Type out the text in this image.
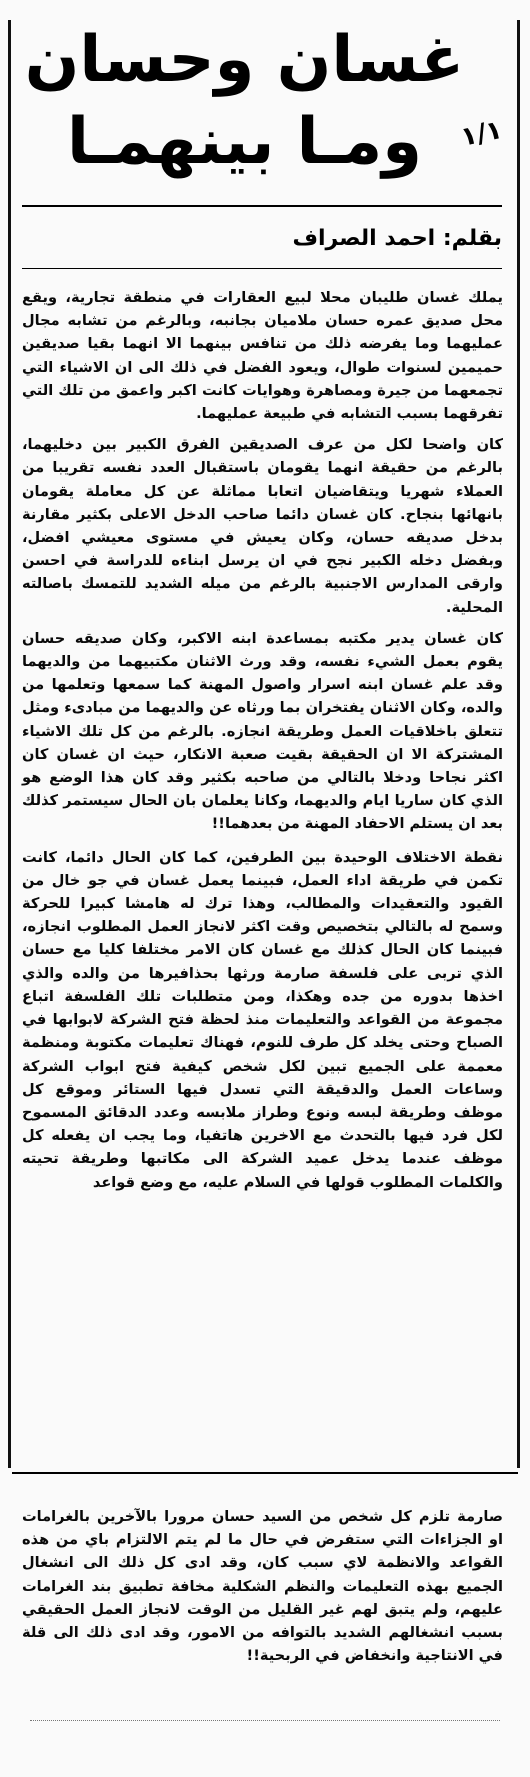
غسان وحسان
ومـا بينهمـا	١/١
بقلم: احمد الصراف

يملك غسان طليبان محلا لبيع العقارات في منطقة تجارية، ويقع محل صديق عمره حسان ملاميان بجانبه، وبالرغم من تشابه مجال عمليهما وما يفرضه ذلك من تنافس بينهما الا انهما بقيا صديقين حميمين لسنوات طوال، ويعود الفضل في ذلك الى ان الاشياء التي تجمعهما من جيرة ومصاهرة وهوايات كانت اكبر واعمق من تلك التي تفرقهما بسبب التشابه في طبيعة عمليهما.

كان واضحا لكل من عرف الصديقين الفرق الكبير بين دخليهما، بالرغم من حقيقة انهما يقومان باستقبال العدد نفسه تقريبا من العملاء شهريا ويتقاضيان اتعابا مماثلة عن كل معاملة يقومان بانهائها بنجاح. كان غسان دائما صاحب الدخل الاعلى بكثير مقارنة بدخل صديقه حسان، وكان يعيش في مستوى معيشي افضل، وبفضل دخله الكبير نجح في ان يرسل ابناءه للدراسة في احسن وارقى المدارس الاجنبية بالرغم من ميله الشديد للتمسك باصالته المحلية.

كان غسان يدير مكتبه بمساعدة ابنه الاكبر، وكان صديقه حسان يقوم بعمل الشيء نفسه، وقد ورث الاثنان مكتبيهما من والديهما وقد علم غسان ابنه اسرار واصول المهنة كما سمعها وتعلمها من والده، وكان الاثنان يفتخران بما ورثاه عن والديهما من مبادىء ومثل تتعلق باخلاقيات العمل وطريقة انجازه. بالرغم من كل تلك الاشياء المشتركة الا ان الحقيقة بقيت صعبة الانكار، حيث ان غسان كان اكثر نجاحا ودخلا بالتالي من صاحبه بكثير وقد كان هذا الوضع هو الذي كان ساريا ايام والديهما، وكانا يعلمان بان الحال سيستمر كذلك بعد ان يستلم الاحفاد المهنة من بعدهما!!

نقطة الاختلاف الوحيدة بين الطرفين، كما كان الحال دائما، كانت تكمن في طريقة اداء العمل، فبينما يعمل غسان في جو خال من القيود والتعقيدات والمطالب، وهذا ترك له هامشا كبيرا للحركة وسمح له بالتالي بتخصيص وقت اكثر لانجاز العمل المطلوب انجازه، فبينما كان الحال كذلك مع غسان كان الامر مختلفا كليا مع حسان الذي تربى على فلسفة صارمة ورثها بحذافيرها من والده والذي اخذها بدوره من جده وهكذا، ومن متطلبات تلك الفلسفة اتباع مجموعة من القواعد والتعليمات منذ لحظة فتح الشركة لابوابها في الصباح وحتى يخلد كل طرف للنوم، فهناك تعليمات مكتوبة ومنظمة معممة على الجميع تبين لكل شخص كيفية فتح ابواب الشركة وساعات العمل والدقيقة التي تسدل فيها الستائر وموقع كل موظف وطريقة لبسه ونوع وطراز ملابسه وعدد الدقائق المسموح لكل فرد فيها بالتحدث مع الاخرين هاتفيا، وما يجب ان يفعله كل موظف عندما يدخل عميد الشركة الى مكاتبها وطريقة تحيته والكلمات المطلوب قولها في السلام عليه، مع وضع قواعد

صارمة تلزم كل شخص من السيد حسان مرورا بالآخرين بالغرامات او الجزاءات التي ستفرض في حال ما لم يتم الالتزام باي من هذه القواعد والانظمة لاي سبب كان، وقد ادى كل ذلك الى انشغال الجميع بهذه التعليمات والنظم الشكلية مخافة تطبيق بند الغرامات عليهم، ولم يتبق لهم غير القليل من الوقت لانجاز العمل الحقيقي بسبب انشغالهم الشديد بالتوافه من الامور، وقد ادى ذلك الى قلة في الانتاجية وانخفاض في الربحية!!
